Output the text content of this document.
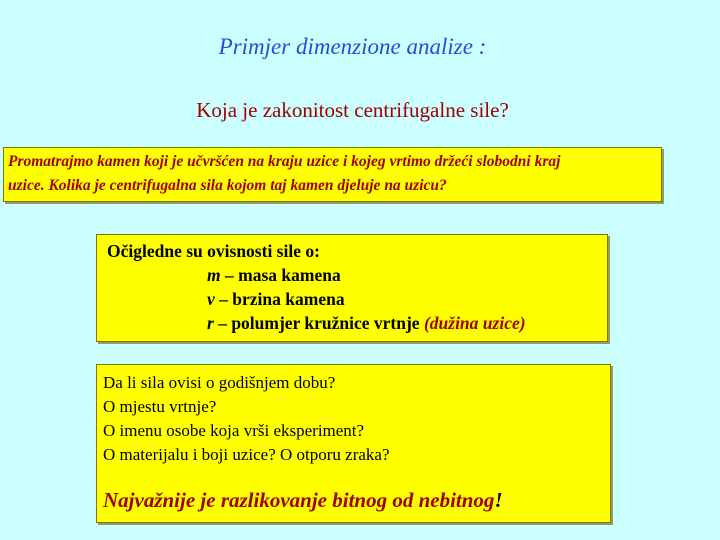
Primjer dimenzione analize :
Koja je zakonitost centrifugalne sile?

Promatrajmo kamen koji je učvršćen na kraju uzice i kojeg vrtimo držeći slobodni kraj

uzice. Kolika je centrifugalna sila kojom taj kamen djeluje na uzicu?

Očigledne su ovisnosti sile o:
m – masa kamena
v – brzina kamena
r – polumjer kružnice vrtnje (dužina uzice)
Da li sila ovisi o godišnjem dobu?
O mjestu vrtnje?
O imenu osobe koja vrši eksperiment?
O materijalu i boji uzice? O otporu zraka?
Najvažnije je razlikovanje bitnog od nebitnog!
